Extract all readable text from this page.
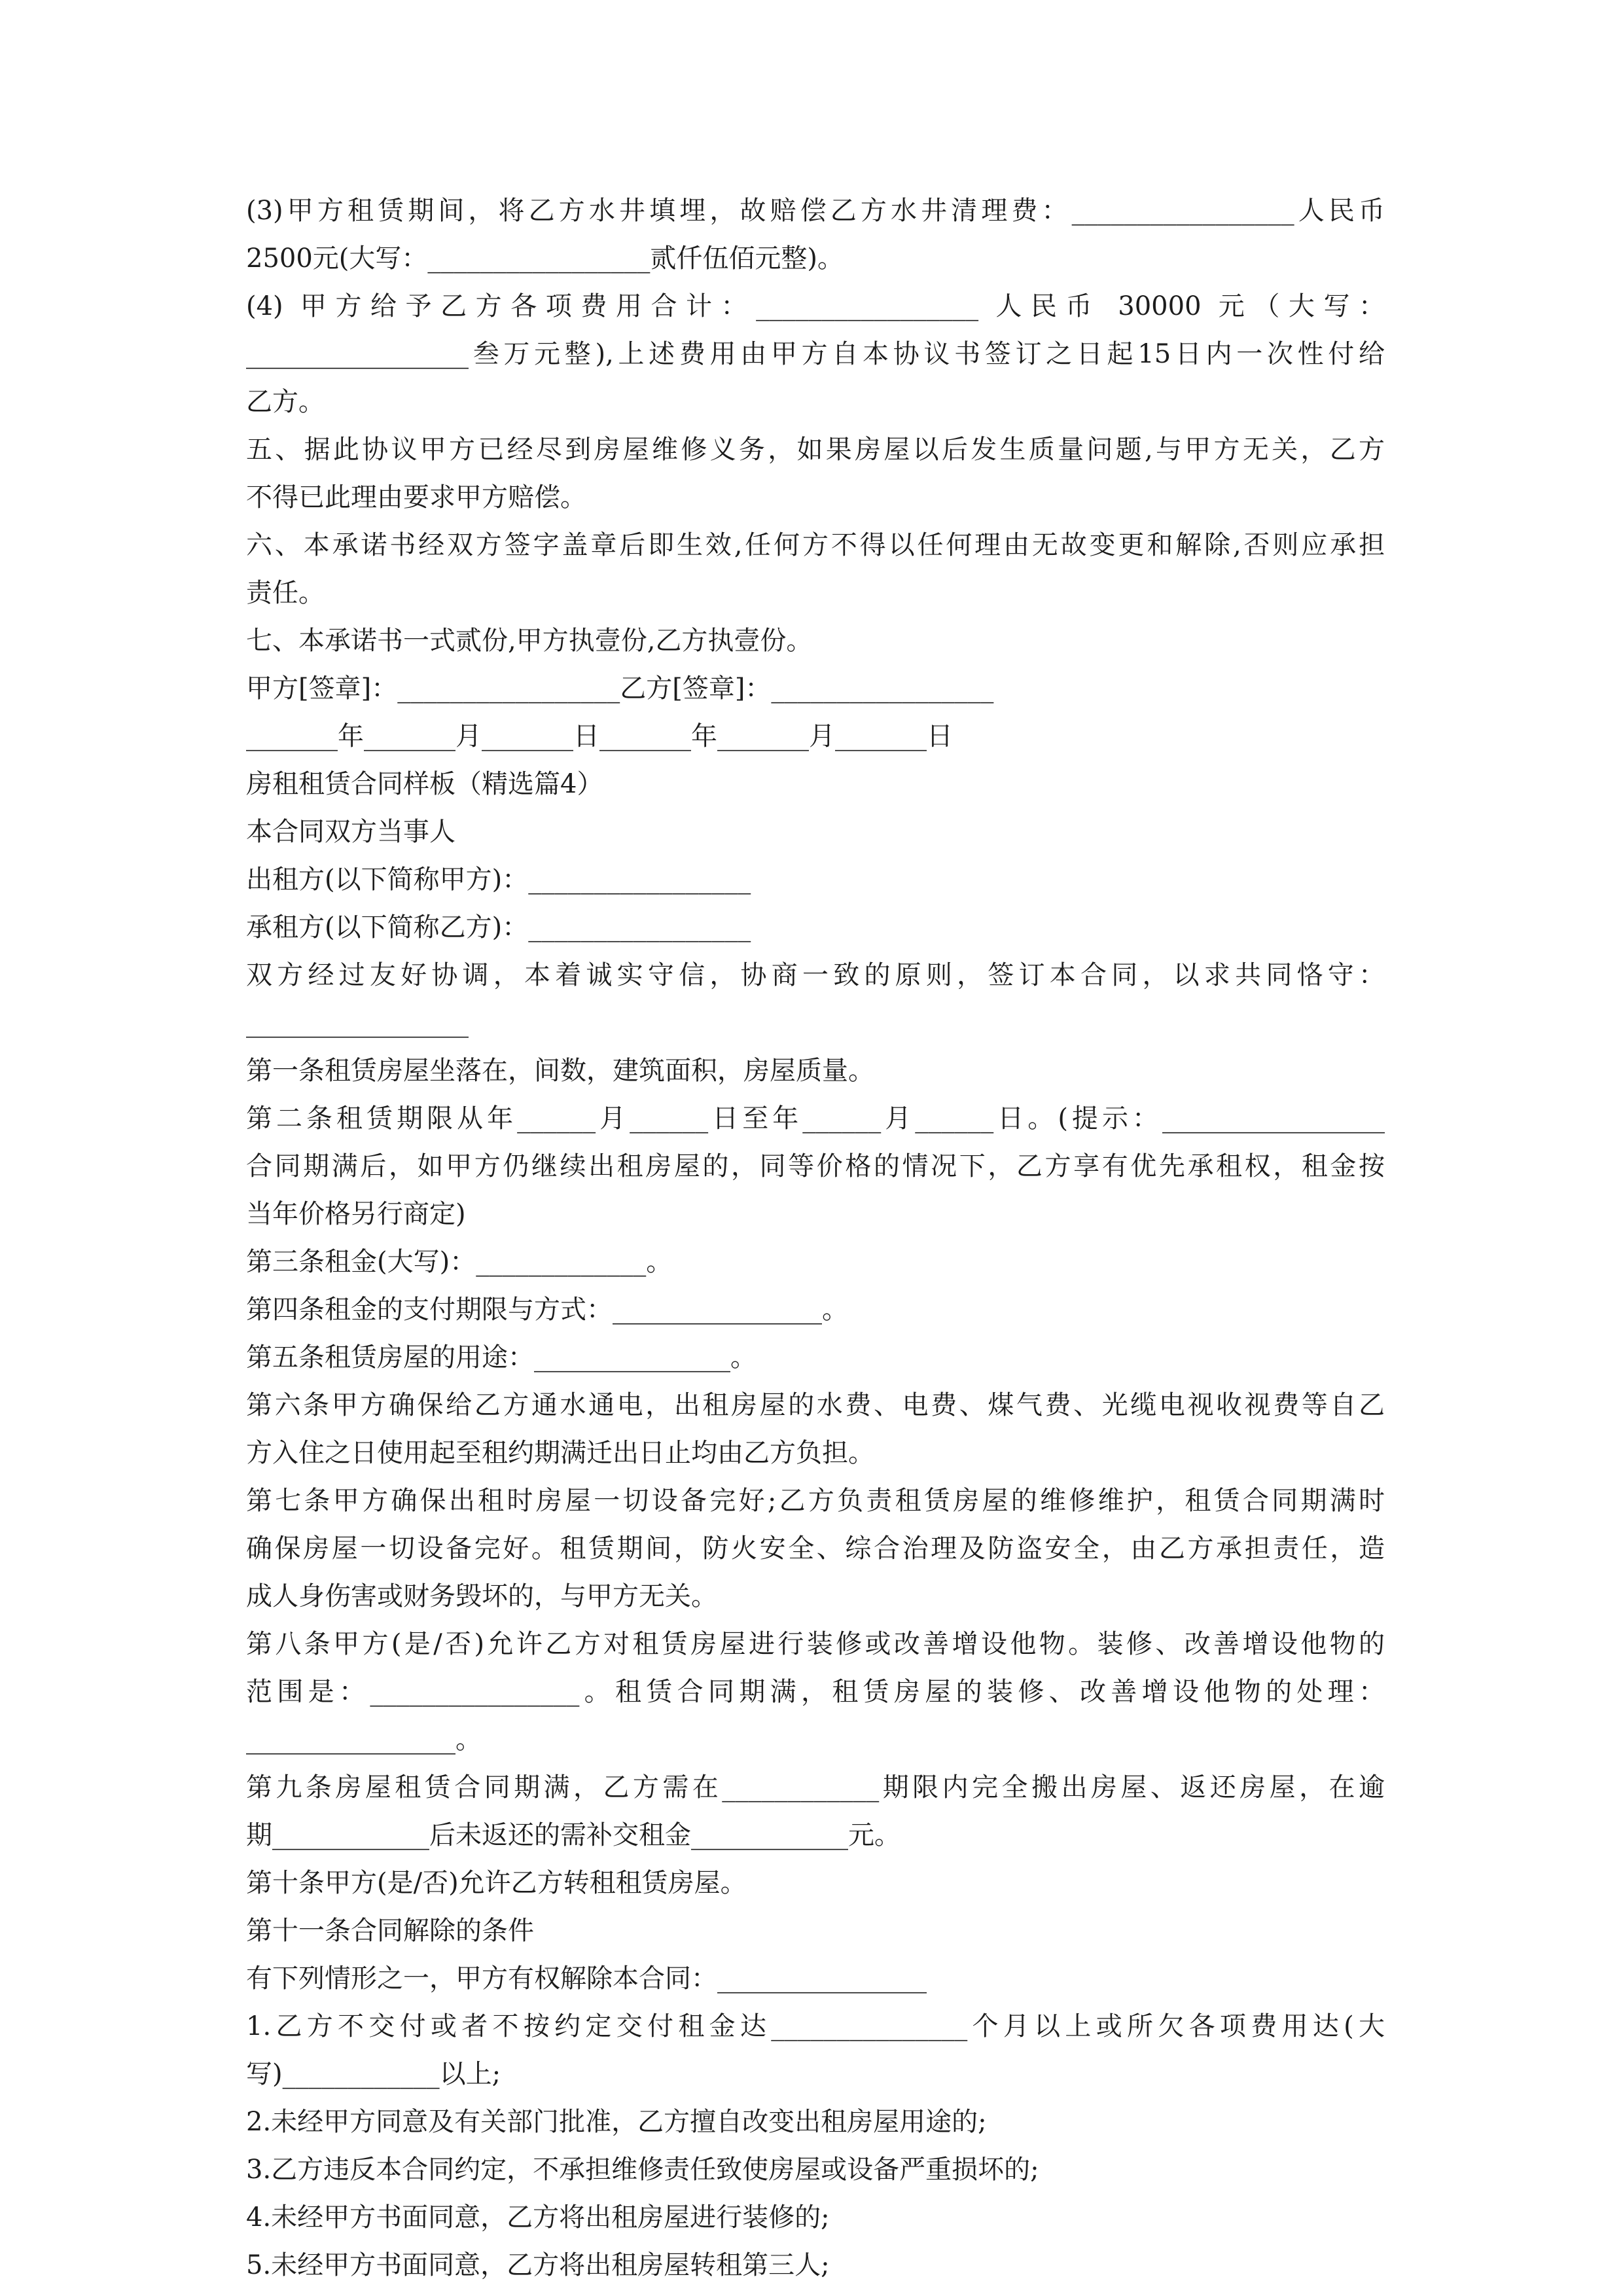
(3)甲方租赁期间，将乙方水井填埋，故赔偿乙方水井清理费：_________________人民币
2500元(大写：_________________贰仟伍佰元整)。
(4) 甲方给予乙方各项费用合计：_________________ 人民币 30000 元（大写：
_________________叁万元整),上述费用由甲方自本协议书签订之日起15日内一次性付给
乙方。
五、据此协议甲方已经尽到房屋维修义务，如果房屋以后发生质量问题,与甲方无关，乙方
不得已此理由要求甲方赔偿。
六、本承诺书经双方签字盖章后即生效,任何方不得以任何理由无故变更和解除,否则应承担
责任。
七、本承诺书一式贰份,甲方执壹份,乙方执壹份。
甲方[签章]：_________________乙方[签章]：_________________
_______年_______月_______日_______年_______月_______日
房租租赁合同样板（精选篇4）
本合同双方当事人
出租方(以下简称甲方)：_________________
承租方(以下简称乙方)：_________________
双方经过友好协调，本着诚实守信，协商一致的原则，签订本合同，以求共同恪守：
_________________
第一条租赁房屋坐落在，间数，建筑面积，房屋质量。
第二条租赁期限从年______月______日至年______月______日。(提示：_________________
合同期满后，如甲方仍继续出租房屋的，同等价格的情况下，乙方享有优先承租权，租金按
当年价格另行商定)
第三条租金(大写)：_____________。
第四条租金的支付期限与方式：________________。
第五条租赁房屋的用途：_______________。
第六条甲方确保给乙方通水通电，出租房屋的水费、电费、煤气费、光缆电视收视费等自乙
方入住之日使用起至租约期满迁出日止均由乙方负担。
第七条甲方确保出租时房屋一切设备完好;乙方负责租赁房屋的维修维护，租赁合同期满时
确保房屋一切设备完好。租赁期间，防火安全、综合治理及防盗安全，由乙方承担责任，造
成人身伤害或财务毁坏的，与甲方无关。
第八条甲方(是/否)允许乙方对租赁房屋进行装修或改善增设他物。装修、改善增设他物的
范围是：________________。租赁合同期满，租赁房屋的装修、改善增设他物的处理：
________________。
第九条房屋租赁合同期满，乙方需在____________期限内完全搬出房屋、返还房屋，在逾
期____________后未返还的需补交租金____________元。
第十条甲方(是/否)允许乙方转租租赁房屋。
第十一条合同解除的条件
有下列情形之一，甲方有权解除本合同：________________
1.乙方不交付或者不按约定交付租金达_______________个月以上或所欠各项费用达(大
写)____________以上;
2.未经甲方同意及有关部门批准，乙方擅自改变出租房屋用途的;
3.乙方违反本合同约定，不承担维修责任致使房屋或设备严重损坏的;
4.未经甲方书面同意，乙方将出租房屋进行装修的;
5.未经甲方书面同意，乙方将出租房屋转租第三人;
